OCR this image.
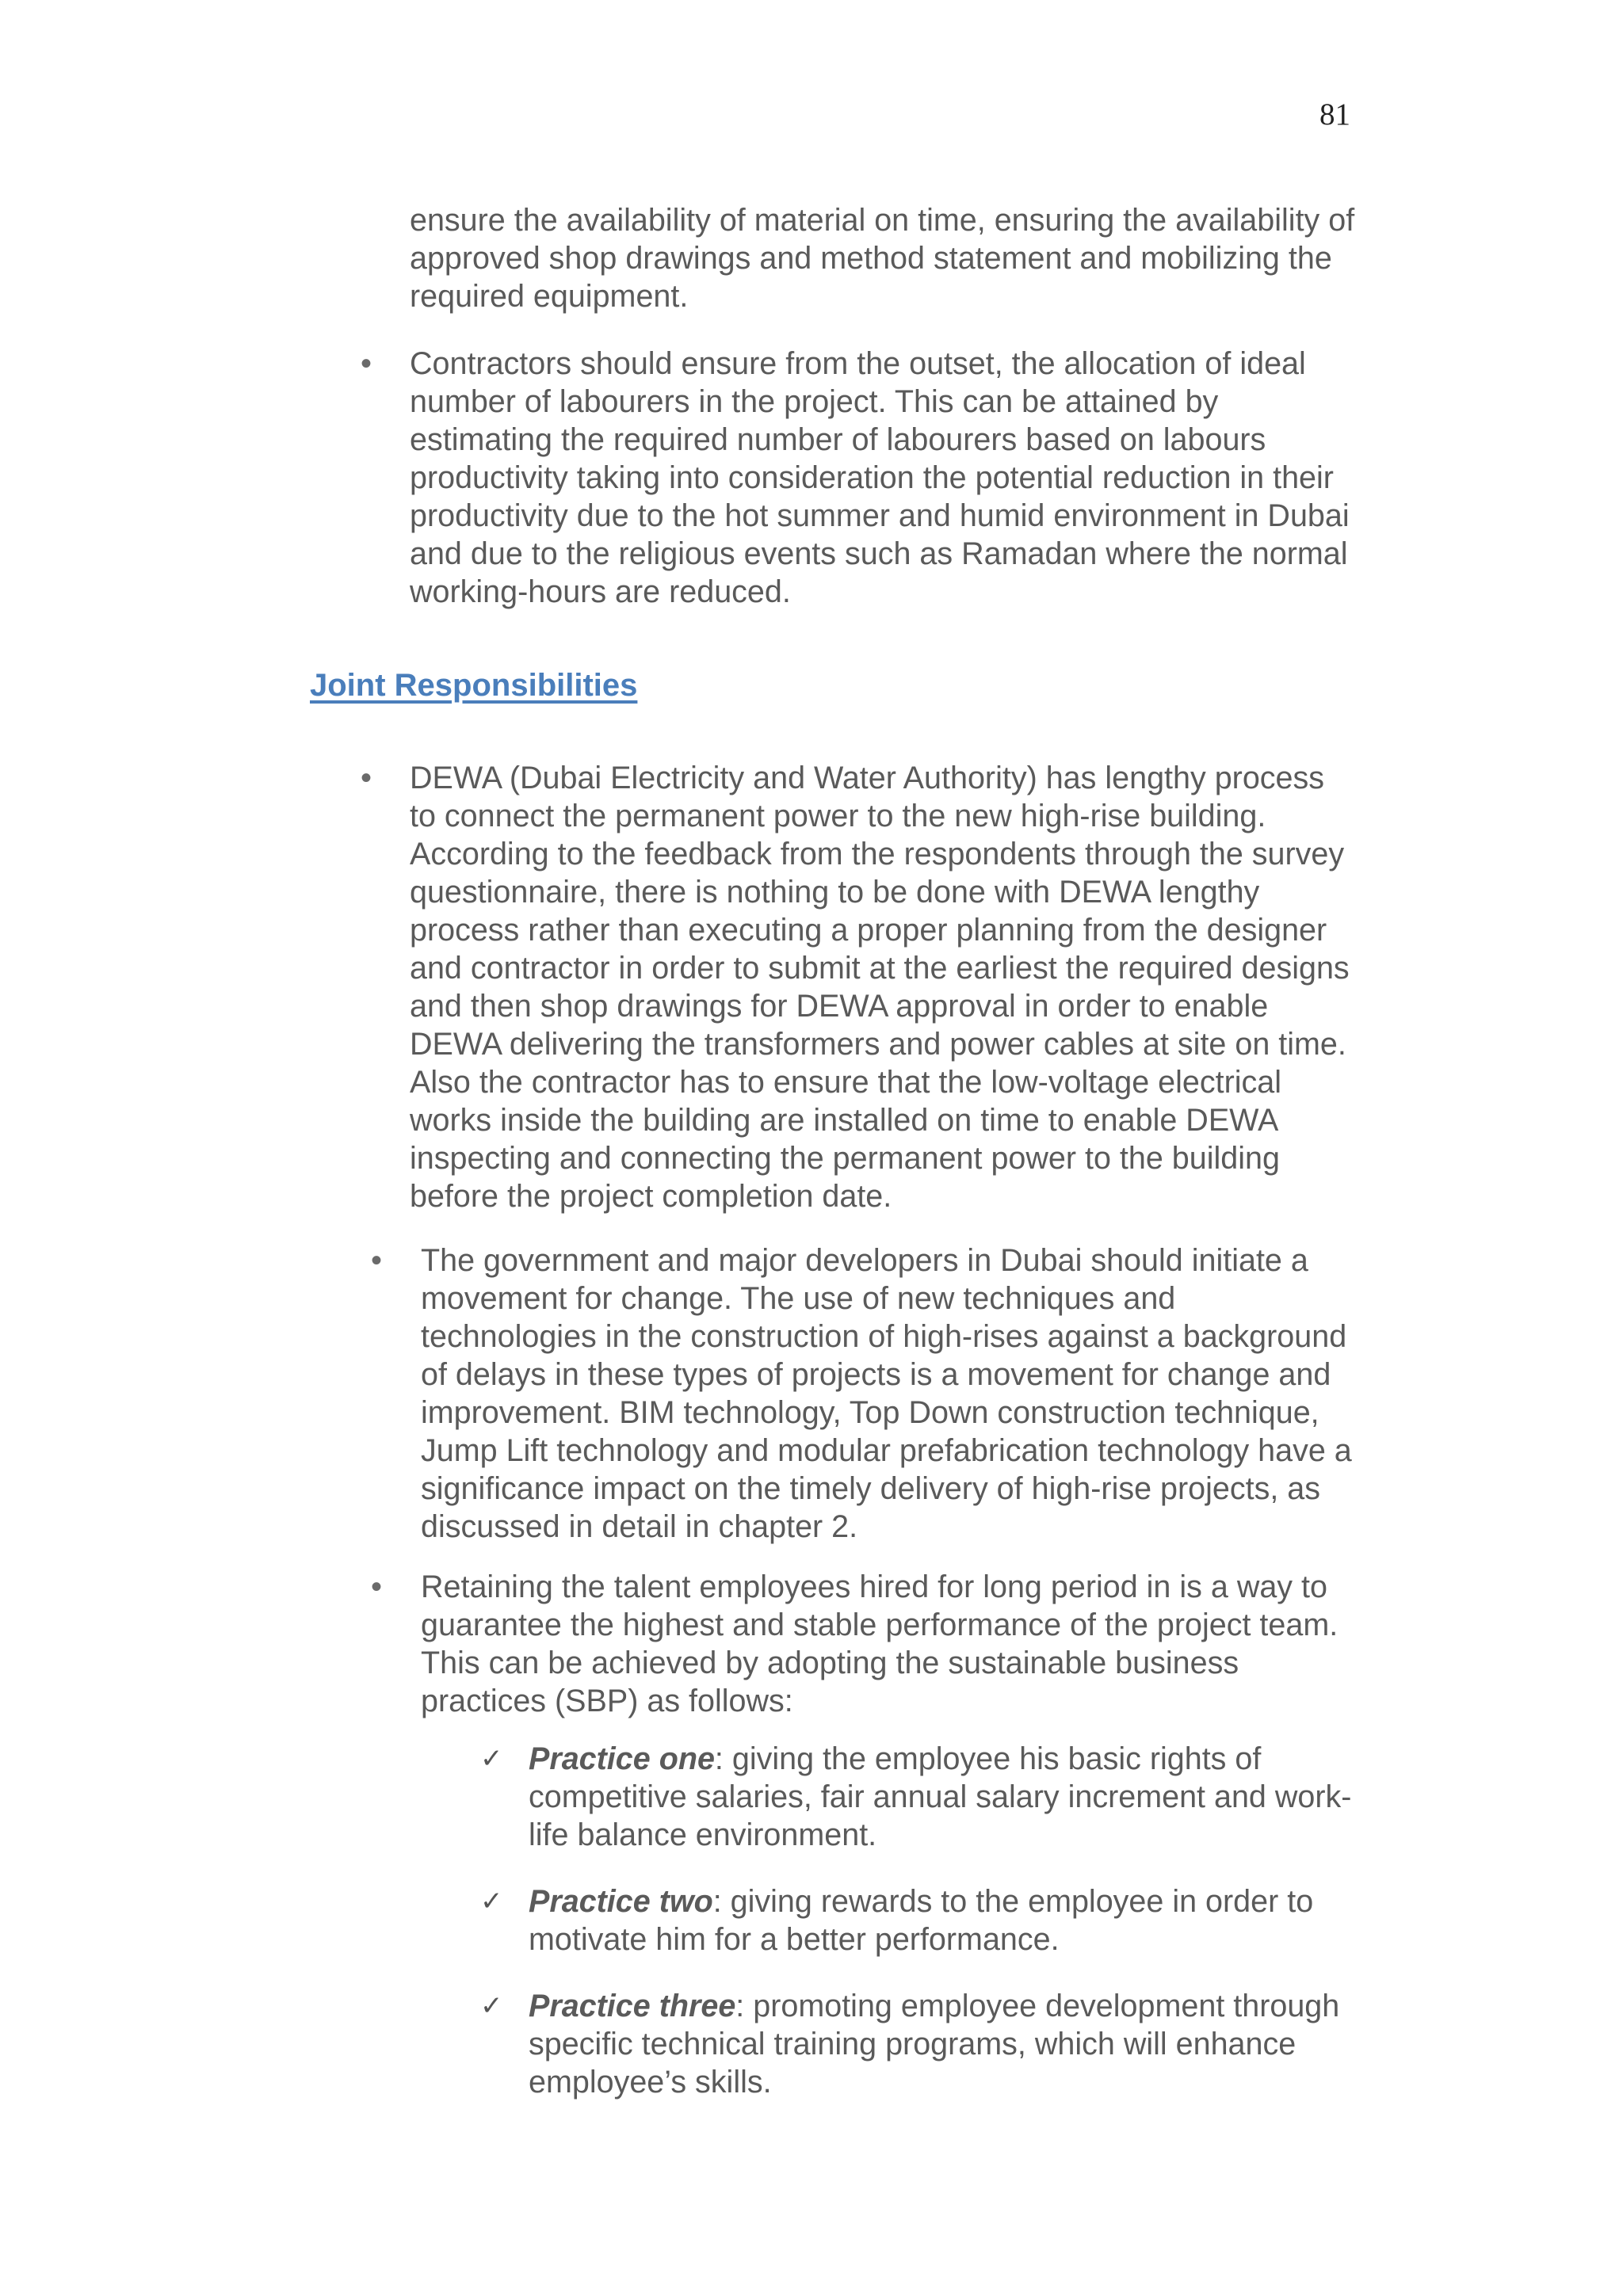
81
ensure the availability of material on time, ensuring the availability of
approved shop drawings and method statement and mobilizing the
required equipment.
• Contractors should ensure from the outset, the allocation of ideal
number of labourers in the project. This can be attained by
estimating the required number of labourers based on labours
productivity taking into consideration the potential reduction in their
productivity due to the hot summer and humid environment in Dubai
and due to the religious events such as Ramadan where the normal
working-hours are reduced.
Joint Responsibilities
• DEWA (Dubai Electricity and Water Authority) has lengthy process
to connect the permanent power to the new high-rise building.
According to the feedback from the respondents through the survey
questionnaire, there is nothing to be done with DEWA lengthy
process rather than executing a proper planning from the designer
and contractor in order to submit at the earliest the required designs
and then shop drawings for DEWA approval in order to enable
DEWA delivering the transformers and power cables at site on time.
Also the contractor has to ensure that the low-voltage electrical
works inside the building are installed on time to enable DEWA
inspecting and connecting the permanent power to the building
before the project completion date.
• The government and major developers in Dubai should initiate a
movement for change. The use of new techniques and
technologies in the construction of high-rises against a background
of delays in these types of projects is a movement for change and
improvement. BIM technology, Top Down construction technique,
Jump Lift technology and modular prefabrication technology have a
significance impact on the timely delivery of high-rise projects, as
discussed in detail in chapter 2.
• Retaining the talent employees hired for long period in is a way to
guarantee the highest and stable performance of the project team.
This can be achieved by adopting the sustainable business
practices (SBP) as follows:
✓ Practice one: giving the employee his basic rights of
competitive salaries, fair annual salary increment and work-
life balance environment.
✓ Practice two: giving rewards to the employee in order to
motivate him for a better performance.
✓ Practice three: promoting employee development through
specific technical training programs, which will enhance
employee’s skills.
